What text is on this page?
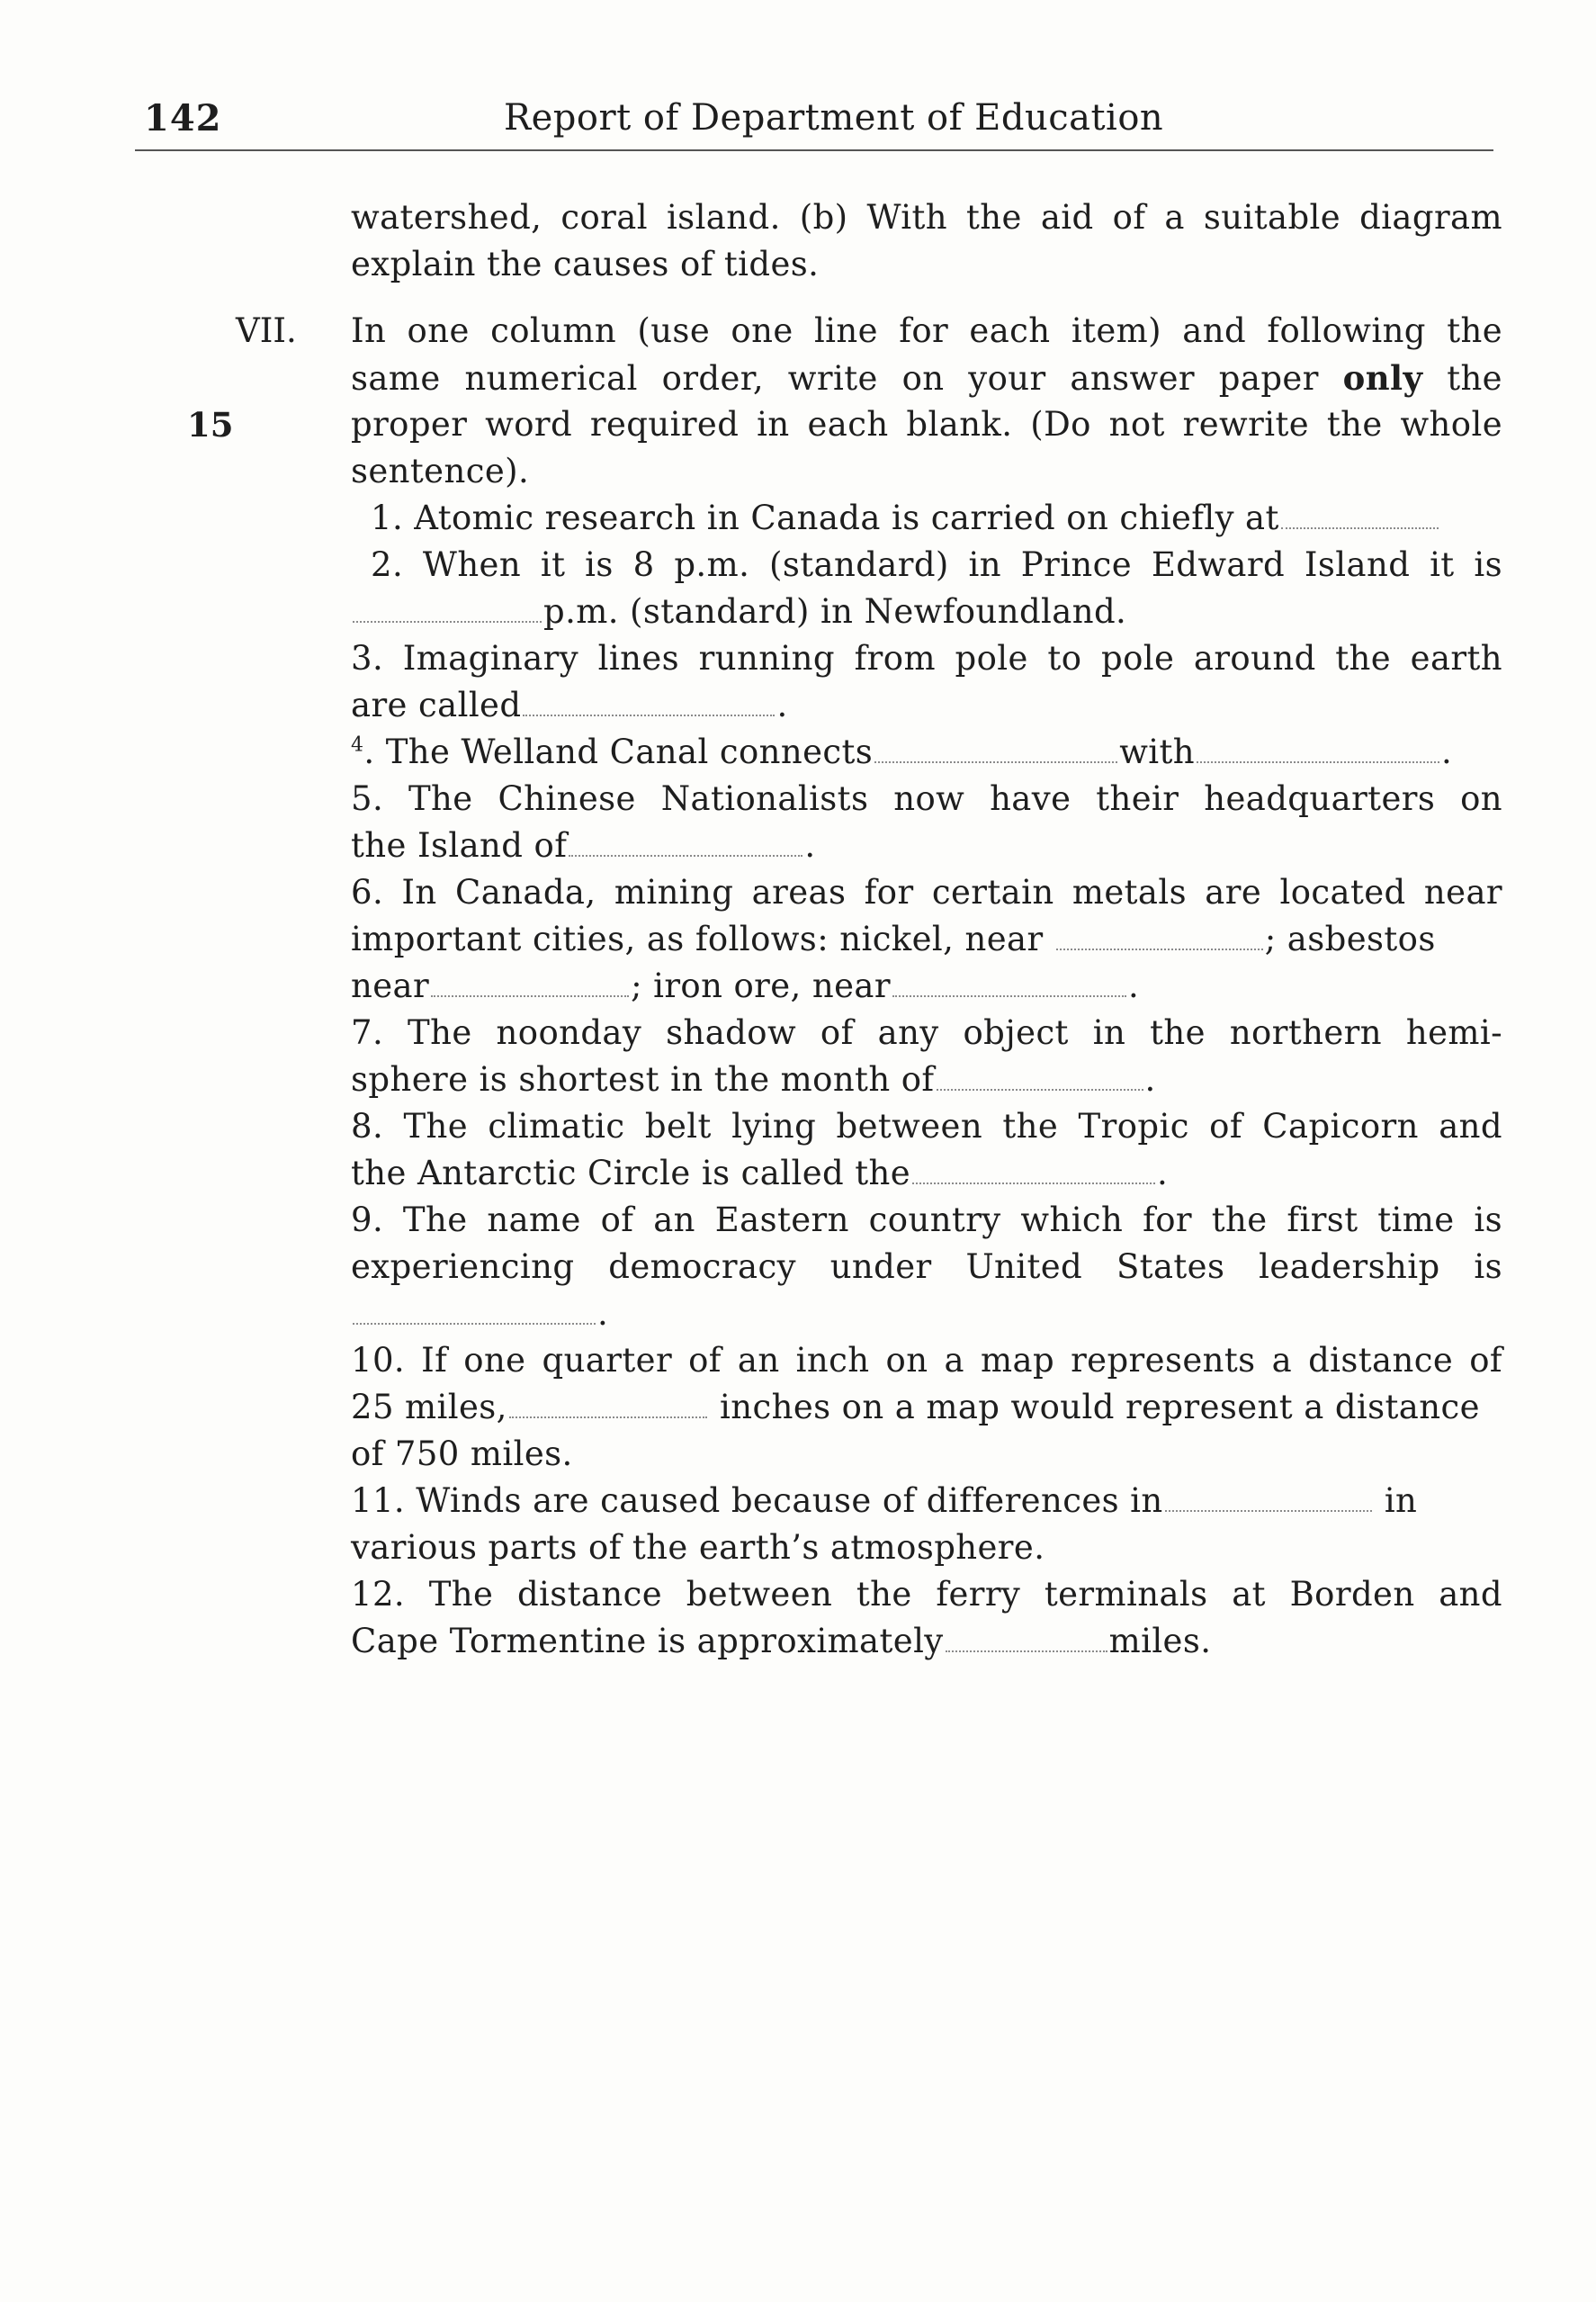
142	Report of Department of Education
watershed, coral island. (b) With the aid of a suitable diagram
explain the causes of tides.
VII.
15
In one column (use one line for each item) and following the
same numerical order, write on your answer paper only the
proper word required in each blank. (Do not rewrite the whole
sentence).
1. Atomic research in Canada is carried on chiefly at
2. When it is 8 p.m. (standard) in Prince Edward Island it is
p.m. (standard) in Newfoundland.
3. Imaginary lines running from pole to pole around the earth
are called	.
$^4$. The Welland Canal connects	with	.
5. The Chinese Nationalists now have their headquarters on
the Island of	.
6. In Canada, mining areas for certain metals are located near
important cities, as follows: nickel, near	; asbestos
near	; iron ore, near	.
7. The noonday shadow of any object in the northern hemi-
sphere is shortest in the month of	.
8. The climatic belt lying between the Tropic of Capicorn and
the Antarctic Circle is called the	.
9. The name of an Eastern country which for the first time is
experiencing democracy under United States leadership is
.
10. If one quarter of an inch on a map represents a distance of
25 miles,	inches on a map would represent a distance
of 750 miles.
11. Winds are caused because of differences in	in
various parts of the earth’s atmosphere.
12. The distance between the ferry terminals at Borden and
Cape Tormentine is approximately	miles.
